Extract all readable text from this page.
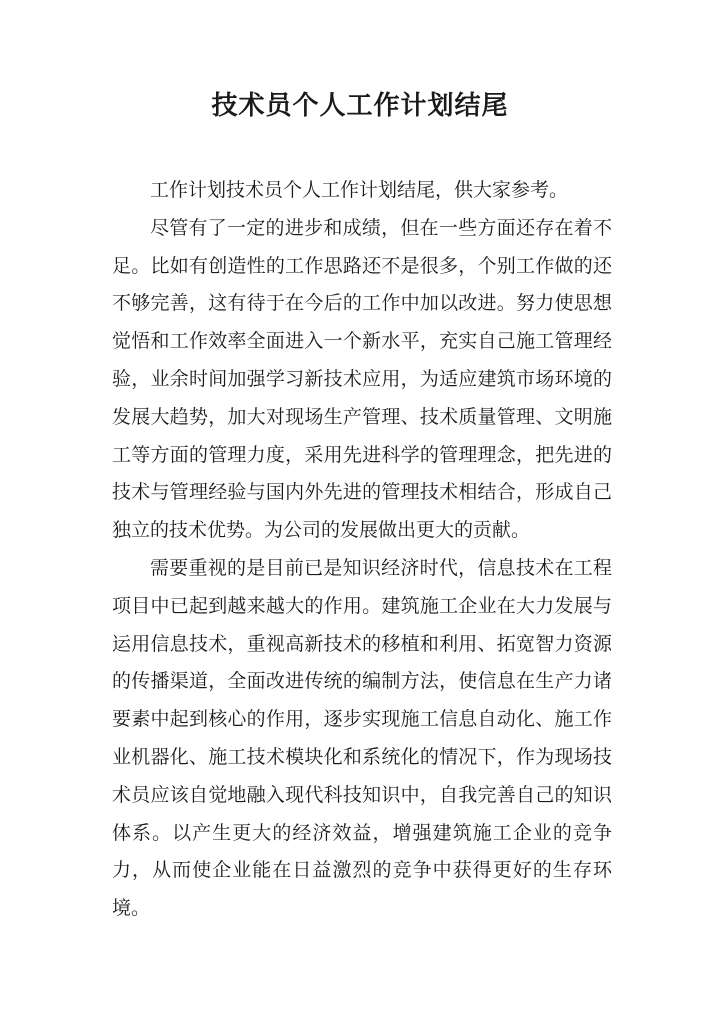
技术员个人工作计划结尾

工作计划技术员个人工作计划结尾，供大家参考。

尽管有了一定的进步和成绩，但在一些方面还存在着不足。比如有创造性的工作思路还不是很多，个别工作做的还不够完善，这有待于在今后的工作中加以改进。努力使思想觉悟和工作效率全面进入一个新水平，充实自己施工管理经验，业余时间加强学习新技术应用，为适应建筑市场环境的发展大趋势，加大对现场生产管理、技术质量管理、文明施工等方面的管理力度，采用先进科学的管理理念，把先进的技术与管理经验与国内外先进的管理技术相结合，形成自己独立的技术优势。为公司的发展做出更大的贡献。

需要重视的是目前已是知识经济时代，信息技术在工程项目中已起到越来越大的作用。建筑施工企业在大力发展与运用信息技术，重视高新技术的移植和利用、拓宽智力资源的传播渠道，全面改进传统的编制方法，使信息在生产力诸要素中起到核心的作用，逐步实现施工信息自动化、施工作业机器化、施工技术模块化和系统化的情况下，作为现场技术员应该自觉地融入现代科技知识中，自我完善自己的知识体系。以产生更大的经济效益，增强建筑施工企业的竞争力，从而使企业能在日益激烈的竞争中获得更好的生存环境。
